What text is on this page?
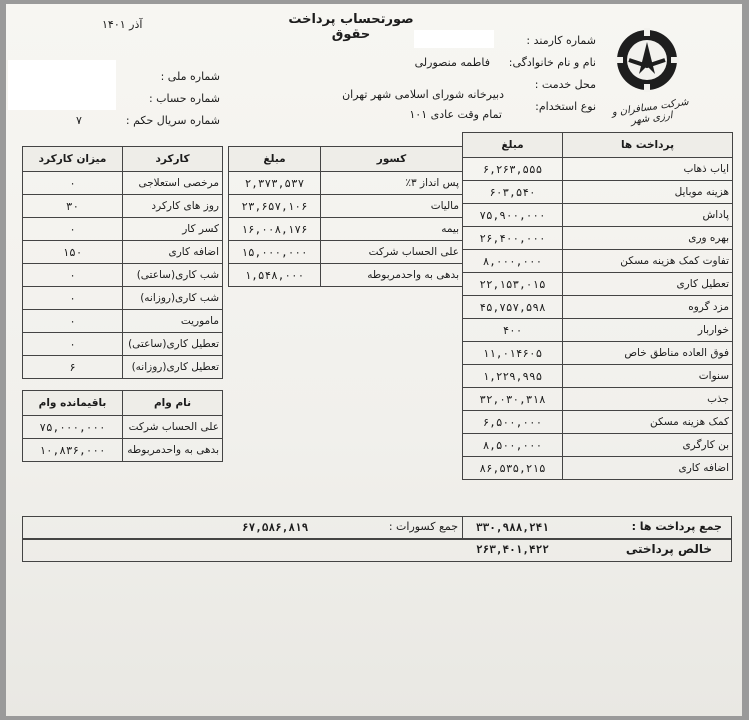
صورتحساب پرداخت حقوق
آذر ۱۴۰۱
شرکت مسافران و ارزی شهر
شماره کارمند :
نام و نام خانوادگی:
فاطمه منصورلی
محل خدمت :
دبیرخانه شورای اسلامی شهر تهران
نوع استخدام:
تمام وقت عادی ۱۰۱
شماره ملی :
شماره حساب :
شماره سریال حکم :
۷
مبلغ	پرداخت ها
۶,۲۶۳,۵۵۵	ایاب ذهاب
۶۰۳,۵۴۰	هزینه موبایل
۷۵,۹۰۰,۰۰۰	پاداش
۲۶,۴۰۰,۰۰۰	بهره وری
۸,۰۰۰,۰۰۰	تفاوت کمک هزینه مسکن
۲۲,۱۵۳,۰۱۵	تعطیل کاری
۴۵,۷۵۷,۵۹۸	مزد گروه
۴۰۰	خواربار
۱۱,۰۱۴۶۰۵	فوق العاده مناطق خاص
۱,۲۲۹,۹۹۵	سنوات
۳۲,۰۳۰,۳۱۸	جذب
۶,۵۰۰,۰۰۰	کمک هزینه مسکن
۸,۵۰۰,۰۰۰	بن کارگری
۸۶,۵۳۵,۲۱۵	اضافه کاری
مبلغ	کسور
۲,۳۷۳,۵۳۷	پس انداز ۳٪
۲۳,۶۵۷,۱۰۶	مالیات
۱۶,۰۰۸,۱۷۶	بیمه
۱۵,۰۰۰,۰۰۰	علی الحساب شرکت
۱,۵۴۸,۰۰۰	بدهی به واحدمربوطه
میزان کارکرد	کارکرد
۰	مرخصی استعلاجی
۳۰	روز های کارکرد
۰	کسر کار
۱۵۰	اضافه کاری
۰	شب کاری(ساعتی)
۰	شب کاری(روزانه)
۰	ماموریت
۰	تعطیل کاری(ساعتی)
۶	تعطیل کاری(روزانه)
باقیمانده وام	نام وام
۷۵,۰۰۰,۰۰۰	علی الحساب شرکت
۱۰,۸۳۶,۰۰۰	بدهی به واحدمربوطه
جمع پرداخت ها :
۳۳۰,۹۸۸,۲۴۱
جمع کسورات :
۶۷,۵۸۶,۸۱۹
خالص پرداختی
۲۶۳,۴۰۱,۴۲۲
